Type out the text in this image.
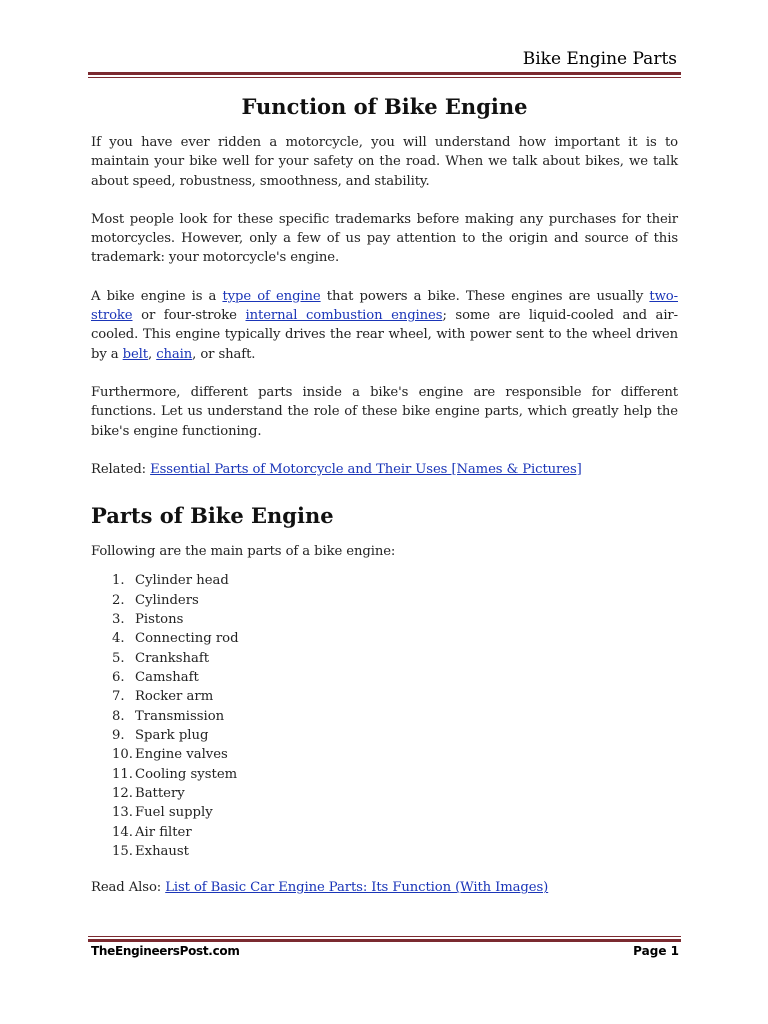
Bike Engine Parts
Function of Bike Engine

If you have ever ridden a motorcycle, you will understand how important it is to maintain your bike well for your safety on the road. When we talk about bikes, we talk about speed, robustness, smoothness, and stability.

Most people look for these specific trademarks before making any purchases for their motorcycles. However, only a few of us pay attention to the origin and source of this trademark: your motorcycle's engine.

A bike engine is a type of engine that powers a bike. These engines are usually two-stroke or four-stroke internal combustion engines; some are liquid-cooled and air-cooled. This engine typically drives the rear wheel, with power sent to the wheel driven by a belt, chain, or shaft.

Furthermore, different parts inside a bike's engine are responsible for different functions. Let us understand the role of these bike engine parts, which greatly help the bike's engine functioning.

Related: Essential Parts of Motorcycle and Their Uses [Names & Pictures]

Parts of Bike Engine

Following are the main parts of a bike engine:

1. Cylinder head
2. Cylinders
3. Pistons
4. Connecting rod
5. Crankshaft
6. Camshaft
7. Rocker arm
8. Transmission
9. Spark plug
10. Engine valves
11. Cooling system
12. Battery
13. Fuel supply
14. Air filter
15. Exhaust

Read Also: List of Basic Car Engine Parts: Its Function (With Images)

TheEngineersPost.com	Page 1
